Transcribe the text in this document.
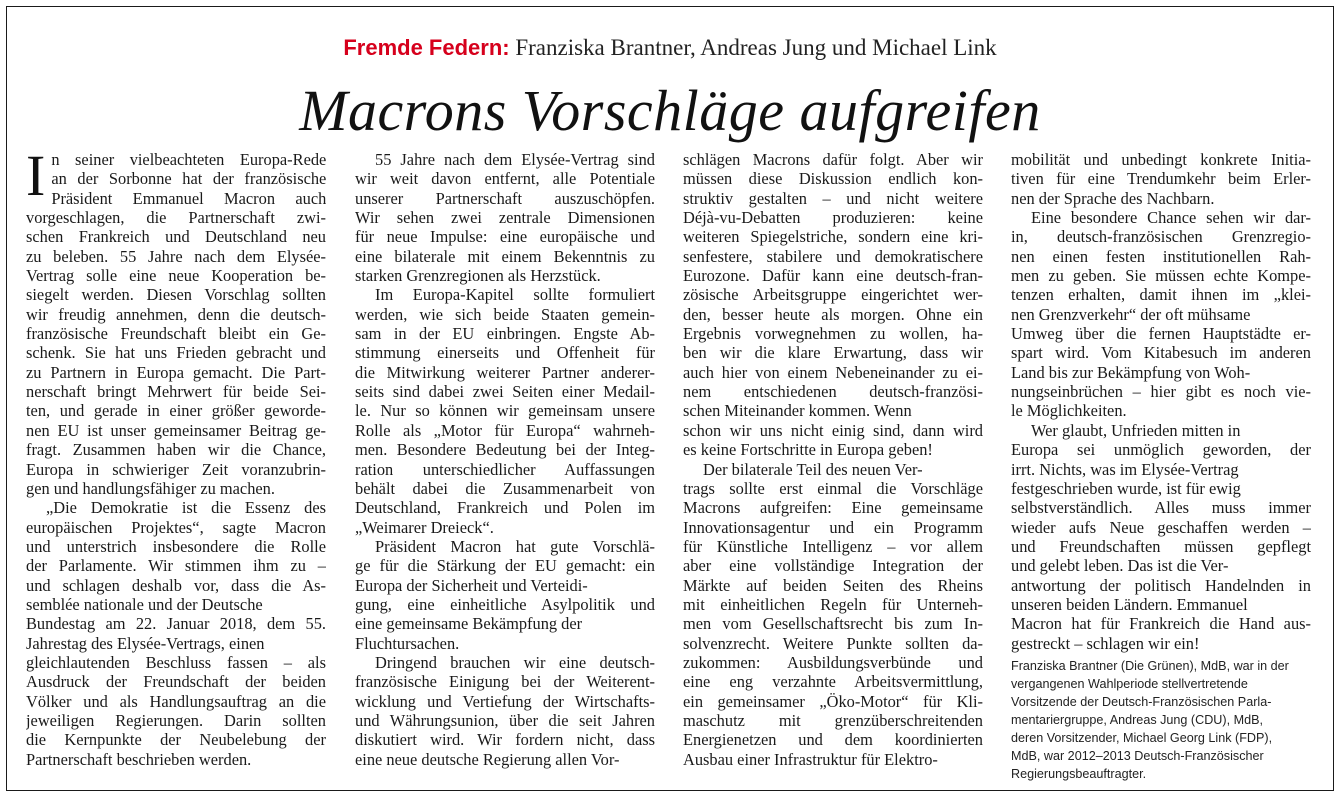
Fremde Federn: Franziska Brantner, Andreas Jung und Michael Link
Macrons Vorschläge aufgreifen

I n seiner vielbeachteten Europa-Rede
an der Sorbonne hat der französische
Präsident Emmanuel Macron auch
vorgeschlagen, die Partnerschaft zwi-
schen Frankreich und Deutschland neu
zu beleben. 55 Jahre nach dem Elysée-
Vertrag solle eine neue Kooperation be-
siegelt werden. Diesen Vorschlag sollten
wir freudig annehmen, denn die deutsch-
französische Freundschaft bleibt ein Ge-
schenk. Sie hat uns Frieden gebracht und
zu Partnern in Europa gemacht. Die Part-
nerschaft bringt Mehrwert für beide Sei-
ten, und gerade in einer größer geworde-
nen EU ist unser gemeinsamer Beitrag ge-
fragt. Zusammen haben wir die Chance,
Europa in schwieriger Zeit voranzubrin-
gen und handlungsfähiger zu machen.

„Die Demokratie ist die Essenz des
europäischen Projektes“, sagte Macron
und unterstrich insbesondere die Rolle
der Parlamente. Wir stimmen ihm zu –
und schlagen deshalb vor, dass die As-
semblée nationale und der Deutsche
Bundestag am 22. Januar 2018, dem 55.
Jahrestag des Elysée-Vertrags, einen
gleichlautenden Beschluss fassen – als
Ausdruck der Freundschaft der beiden
Völker und als Handlungsauftrag an die
jeweiligen Regierungen. Darin sollten
die Kernpunkte der Neubelebung der
Partnerschaft beschrieben werden.

55 Jahre nach dem Elysée-Vertrag sind
wir weit davon entfernt, alle Potentiale
unserer Partnerschaft auszuschöpfen.
Wir sehen zwei zentrale Dimensionen
für neue Impulse: eine europäische und
eine bilaterale mit einem Bekenntnis zu
starken Grenzregionen als Herzstück.

Im Europa-Kapitel sollte formuliert
werden, wie sich beide Staaten gemein-
sam in der EU einbringen. Engste Ab-
stimmung einerseits und Offenheit für
die Mitwirkung weiterer Partner anderer-
seits sind dabei zwei Seiten einer Medail-
le. Nur so können wir gemeinsam unsere
Rolle als „Motor für Europa“ wahrneh-
men. Besondere Bedeutung bei der Integ-
ration unterschiedlicher Auffassungen
behält dabei die Zusammenarbeit von
Deutschland, Frankreich und Polen im
„Weimarer Dreieck“.

Präsident Macron hat gute Vorschlä-
ge für die Stärkung der EU gemacht: ein
Europa der Sicherheit und Verteidi-
gung, eine einheitliche Asylpolitik und
eine gemeinsame Bekämpfung der
Fluchtursachen.

Dringend brauchen wir eine deutsch-
französische Einigung bei der Weiterent-
wicklung und Vertiefung der Wirtschafts-
und Währungsunion, über die seit Jahren
diskutiert wird. Wir fordern nicht, dass
eine neue deutsche Regierung allen Vor-

schlägen Macrons dafür folgt. Aber wir
müssen diese Diskussion endlich kon-
struktiv gestalten – und nicht weitere
Déjà-vu-Debatten produzieren: keine
weiteren Spiegelstriche, sondern eine kri-
senfestere, stabilere und demokratischere
Eurozone. Dafür kann eine deutsch-fran-
zösische Arbeitsgruppe eingerichtet wer-
den, besser heute als morgen. Ohne ein
Ergebnis vorwegnehmen zu wollen, ha-
ben wir die klare Erwartung, dass wir
auch hier von einem Nebeneinander zu ei-
nem entschiedenen deutsch-französi-
schen Miteinander kommen. Wenn
schon wir uns nicht einig sind, dann wird
es keine Fortschritte in Europa geben!

Der bilaterale Teil des neuen Ver-
trags sollte erst einmal die Vorschläge
Macrons aufgreifen: Eine gemeinsame
Innovationsagentur und ein Programm
für Künstliche Intelligenz – vor allem
aber eine vollständige Integration der
Märkte auf beiden Seiten des Rheins
mit einheitlichen Regeln für Unterneh-
men vom Gesellschaftsrecht bis zum In-
solvenzrecht. Weitere Punkte sollten da-
zukommen: Ausbildungsverbünde und
eine eng verzahnte Arbeitsvermittlung,
ein gemeinsamer „Öko-Motor“ für Kli-
maschutz mit grenzüberschreitenden
Energienetzen und dem koordinierten
Ausbau einer Infrastruktur für Elektro-

mobilität und unbedingt konkrete Initia-
tiven für eine Trendumkehr beim Erler-
nen der Sprache des Nachbarn.

Eine besondere Chance sehen wir dar-
in, deutsch-französischen Grenzregio-
nen einen festen institutionellen Rah-
men zu geben. Sie müssen echte Kompe-
tenzen erhalten, damit ihnen im „klei-
nen Grenzverkehr“ der oft mühsame
Umweg über die fernen Hauptstädte er-
spart wird. Vom Kitabesuch im anderen
Land bis zur Bekämpfung von Woh-
nungseinbrüchen – hier gibt es noch vie-
le Möglichkeiten.

Wer glaubt, Unfrieden mitten in
Europa sei unmöglich geworden, der
irrt. Nichts, was im Elysée-Vertrag
festgeschrieben wurde, ist für ewig
selbstverständlich. Alles muss immer
wieder aufs Neue geschaffen werden –
und Freundschaften müssen gepflegt
und gelebt leben. Das ist die Ver-
antwortung der politisch Handelnden in
unseren beiden Ländern. Emmanuel
Macron hat für Frankreich die Hand aus-
gestreckt – schlagen wir ein!

Franziska Brantner (Die Grünen), MdB, war in der
vergangenen Wahlperiode stellvertretende
Vorsitzende der Deutsch-Französischen Parla-
mentariergruppe, Andreas Jung (CDU), MdB,
deren Vorsitzender, Michael Georg Link (FDP),
MdB, war 2012–2013 Deutsch-Französischer
Regierungsbeauftragter.
